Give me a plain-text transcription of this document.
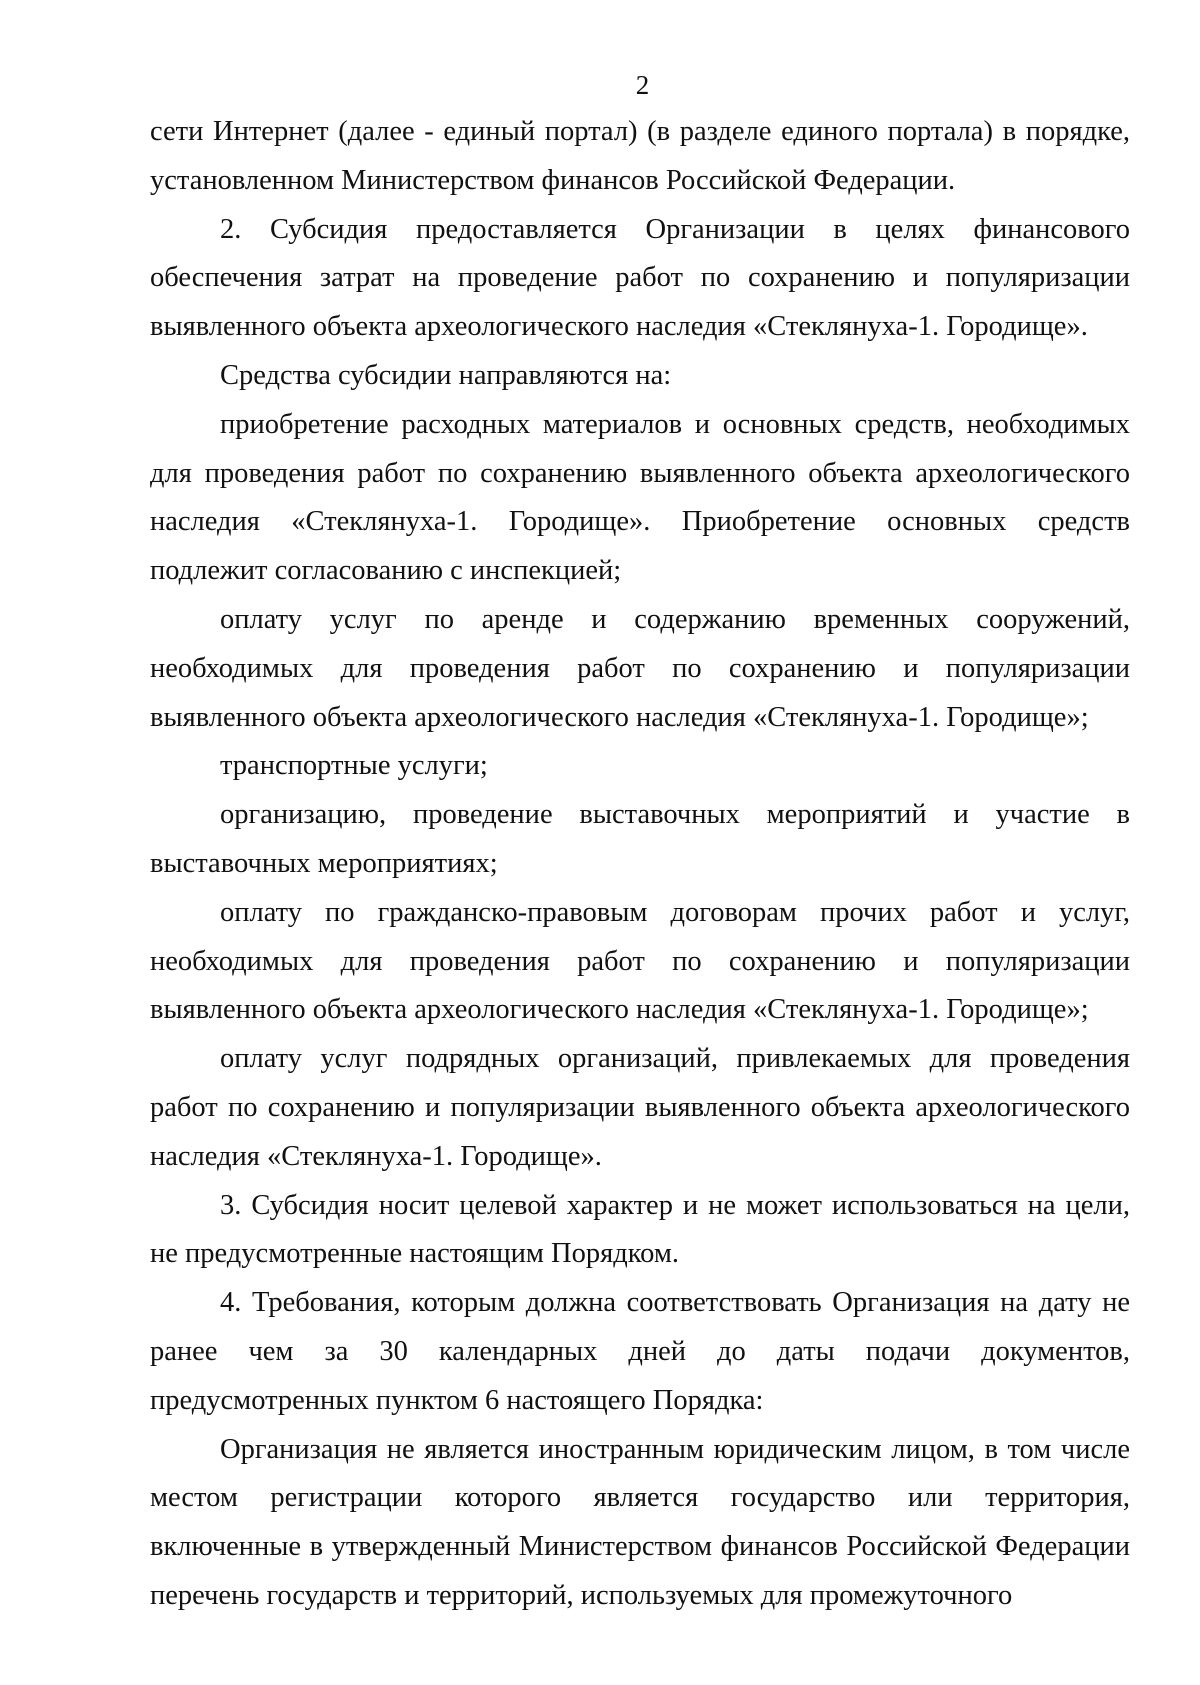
2

сети Интернет (далее - единый портал) (в разделе единого портала) в порядке, установленном Министерством финансов Российской Федерации.

2. Субсидия предоставляется Организации в целях финансового обеспечения затрат на проведение работ по сохранению и популяризации выявленного объекта археологического наследия «Стеклянуха-1. Городище».

Средства субсидии направляются на:

приобретение расходных материалов и основных средств, необходимых для проведения работ по сохранению выявленного объекта археологического наследия «Стеклянуха-1. Городище». Приобретение основных средств подлежит согласованию с инспекцией;

оплату услуг по аренде и содержанию временных сооружений, необходимых для проведения работ по сохранению и популяризации выявленного объекта археологического наследия «Стеклянуха-1. Городище»;

транспортные услуги;

организацию, проведение выставочных мероприятий и участие в выставочных мероприятиях;

оплату по гражданско-правовым договорам прочих работ и услуг, необходимых для проведения работ по сохранению и популяризации выявленного объекта археологического наследия «Стеклянуха-1. Городище»;

оплату услуг подрядных организаций, привлекаемых для проведения работ по сохранению и популяризации выявленного объекта археологического наследия «Стеклянуха-1. Городище».

3. Субсидия носит целевой характер и не может использоваться на цели, не предусмотренные настоящим Порядком.

4. Требования, которым должна соответствовать Организация на дату не ранее чем за 30 календарных дней до даты подачи документов, предусмотренных пунктом 6 настоящего Порядка:

Организация не является иностранным юридическим лицом, в том числе местом регистрации которого является государство или территория, включенные в утвержденный Министерством финансов Российской Федерации перечень государств и территорий, используемых для промежуточного
